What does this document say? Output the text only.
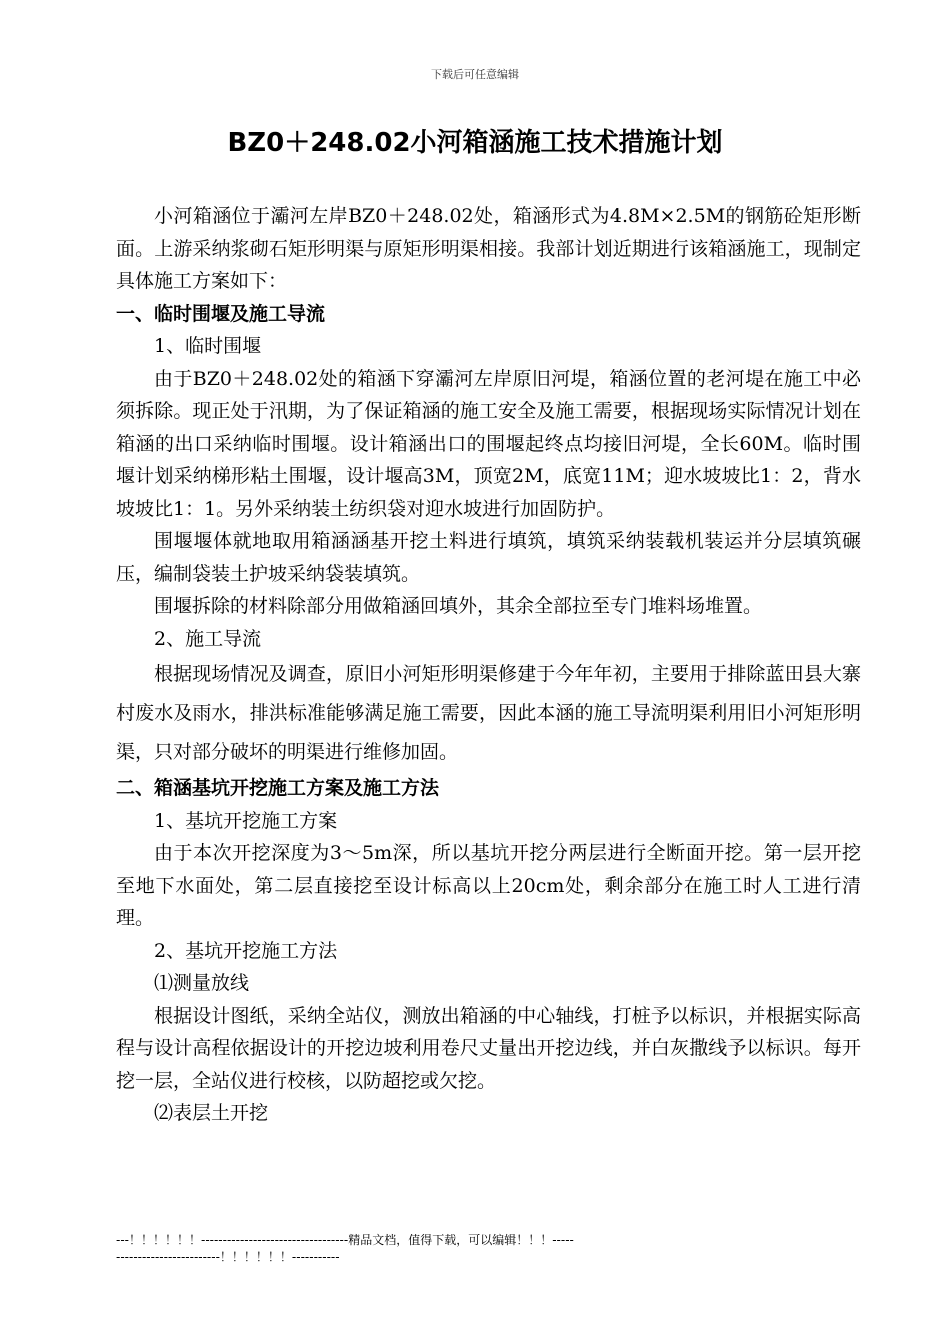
下载后可任意编辑
BZ0＋248.02小河箱涵施工技术措施计划

小河箱涵位于灞河左岸BZ0＋248.02处，箱涵形式为4.8M×2.5M的钢筋砼矩形断面。上游采纳浆砌石矩形明渠与原矩形明渠相接。我部计划近期进行该箱涵施工，现制定具体施工方案如下：

一、临时围堰及施工导流

1、临时围堰

由于BZ0＋248.02处的箱涵下穿灞河左岸原旧河堤，箱涵位置的老河堤在施工中必须拆除。现正处于汛期，为了保证箱涵的施工安全及施工需要，根据现场实际情况计划在箱涵的出口采纳临时围堰。设计箱涵出口的围堰起终点均接旧河堤，全长60M。临时围堰计划采纳梯形粘土围堰，设计堰高3M，顶宽2M，底宽11M；迎水坡坡比1：2，背水坡坡比1：1。另外采纳装土纺织袋对迎水坡进行加固防护。

围堰堰体就地取用箱涵涵基开挖土料进行填筑，填筑采纳装载机装运并分层填筑碾压，编制袋装土护坡采纳袋装填筑。

围堰拆除的材料除部分用做箱涵回填外，其余全部拉至专门堆料场堆置。

2、施工导流

根据现场情况及调查，原旧小河矩形明渠修建于今年年初，主要用于排除蓝田县大寨村废水及雨水，排洪标准能够满足施工需要，因此本涵的施工导流明渠利用旧小河矩形明渠，只对部分破坏的明渠进行维修加固。

二、箱涵基坑开挖施工方案及施工方法

1、基坑开挖施工方案

由于本次开挖深度为3～5m深，所以基坑开挖分两层进行全断面开挖。第一层开挖至地下水面处，第二层直接挖至设计标高以上20cm处，剩余部分在施工时人工进行清理。

2、基坑开挖施工方法

⑴测量放线

根据设计图纸，采纳全站仪，测放出箱涵的中心轴线，打桩予以标识，并根据实际高程与设计高程依据设计的开挖边坡利用卷尺丈量出开挖边线，并白灰撒线予以标识。每开挖一层，全站仪进行校核，以防超挖或欠挖。

⑵表层土开挖

---！！！！！！----------------------------------精品文档，值得下载，可以编辑！！！-----------------------------！！！！！！-----------
